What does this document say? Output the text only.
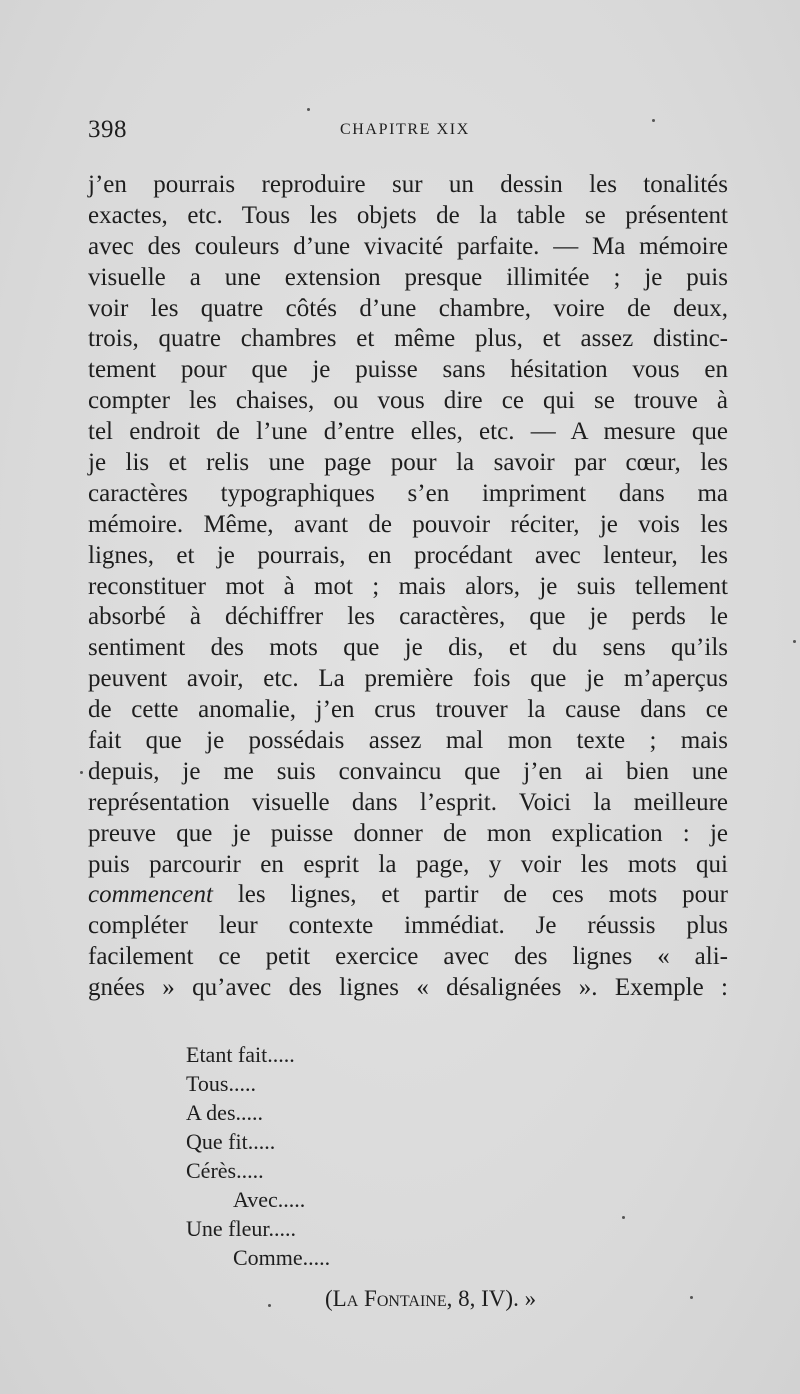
398	CHAPITRE XIX
j’en pourrais reproduire sur un dessin les tonalités
exactes, etc. Tous les objets de la table se présentent
avec des couleurs d’une vivacité parfaite. — Ma mémoire
visuelle a une extension presque illimitée ; je puis
voir les quatre côtés d’une chambre, voire de deux,
trois, quatre chambres et même plus, et assez distinc-
tement pour que je puisse sans hésitation vous en
compter les chaises, ou vous dire ce qui se trouve à
tel endroit de l’une d’entre elles, etc. — A mesure que
je lis et relis une page pour la savoir par cœur, les
caractères typographiques s’en impriment dans ma
mémoire. Même, avant de pouvoir réciter, je vois les
lignes, et je pourrais, en procédant avec lenteur, les
reconstituer mot à mot ; mais alors, je suis tellement
absorbé à déchiffrer les caractères, que je perds le
sentiment des mots que je dis, et du sens qu’ils
peuvent avoir, etc. La première fois que je m’aperçus
de cette anomalie, j’en crus trouver la cause dans ce
fait que je possédais assez mal mon texte ; mais
depuis, je me suis convaincu que j’en ai bien une
représentation visuelle dans l’esprit. Voici la meilleure
preuve que je puisse donner de mon explication : je
puis parcourir en esprit la page, y voir les mots qui
commencent les lignes, et partir de ces mots pour
compléter leur contexte immédiat. Je réussis plus
facilement ce petit exercice avec des lignes « ali-
gnées » qu’avec des lignes « désalignées ». Exemple :
Etant fait.....
Tous.....
A des.....
Que fit.....
Cérès.....
Avec.....
Une fleur.....
Comme.....
(La Fontaine, 8, IV). »
